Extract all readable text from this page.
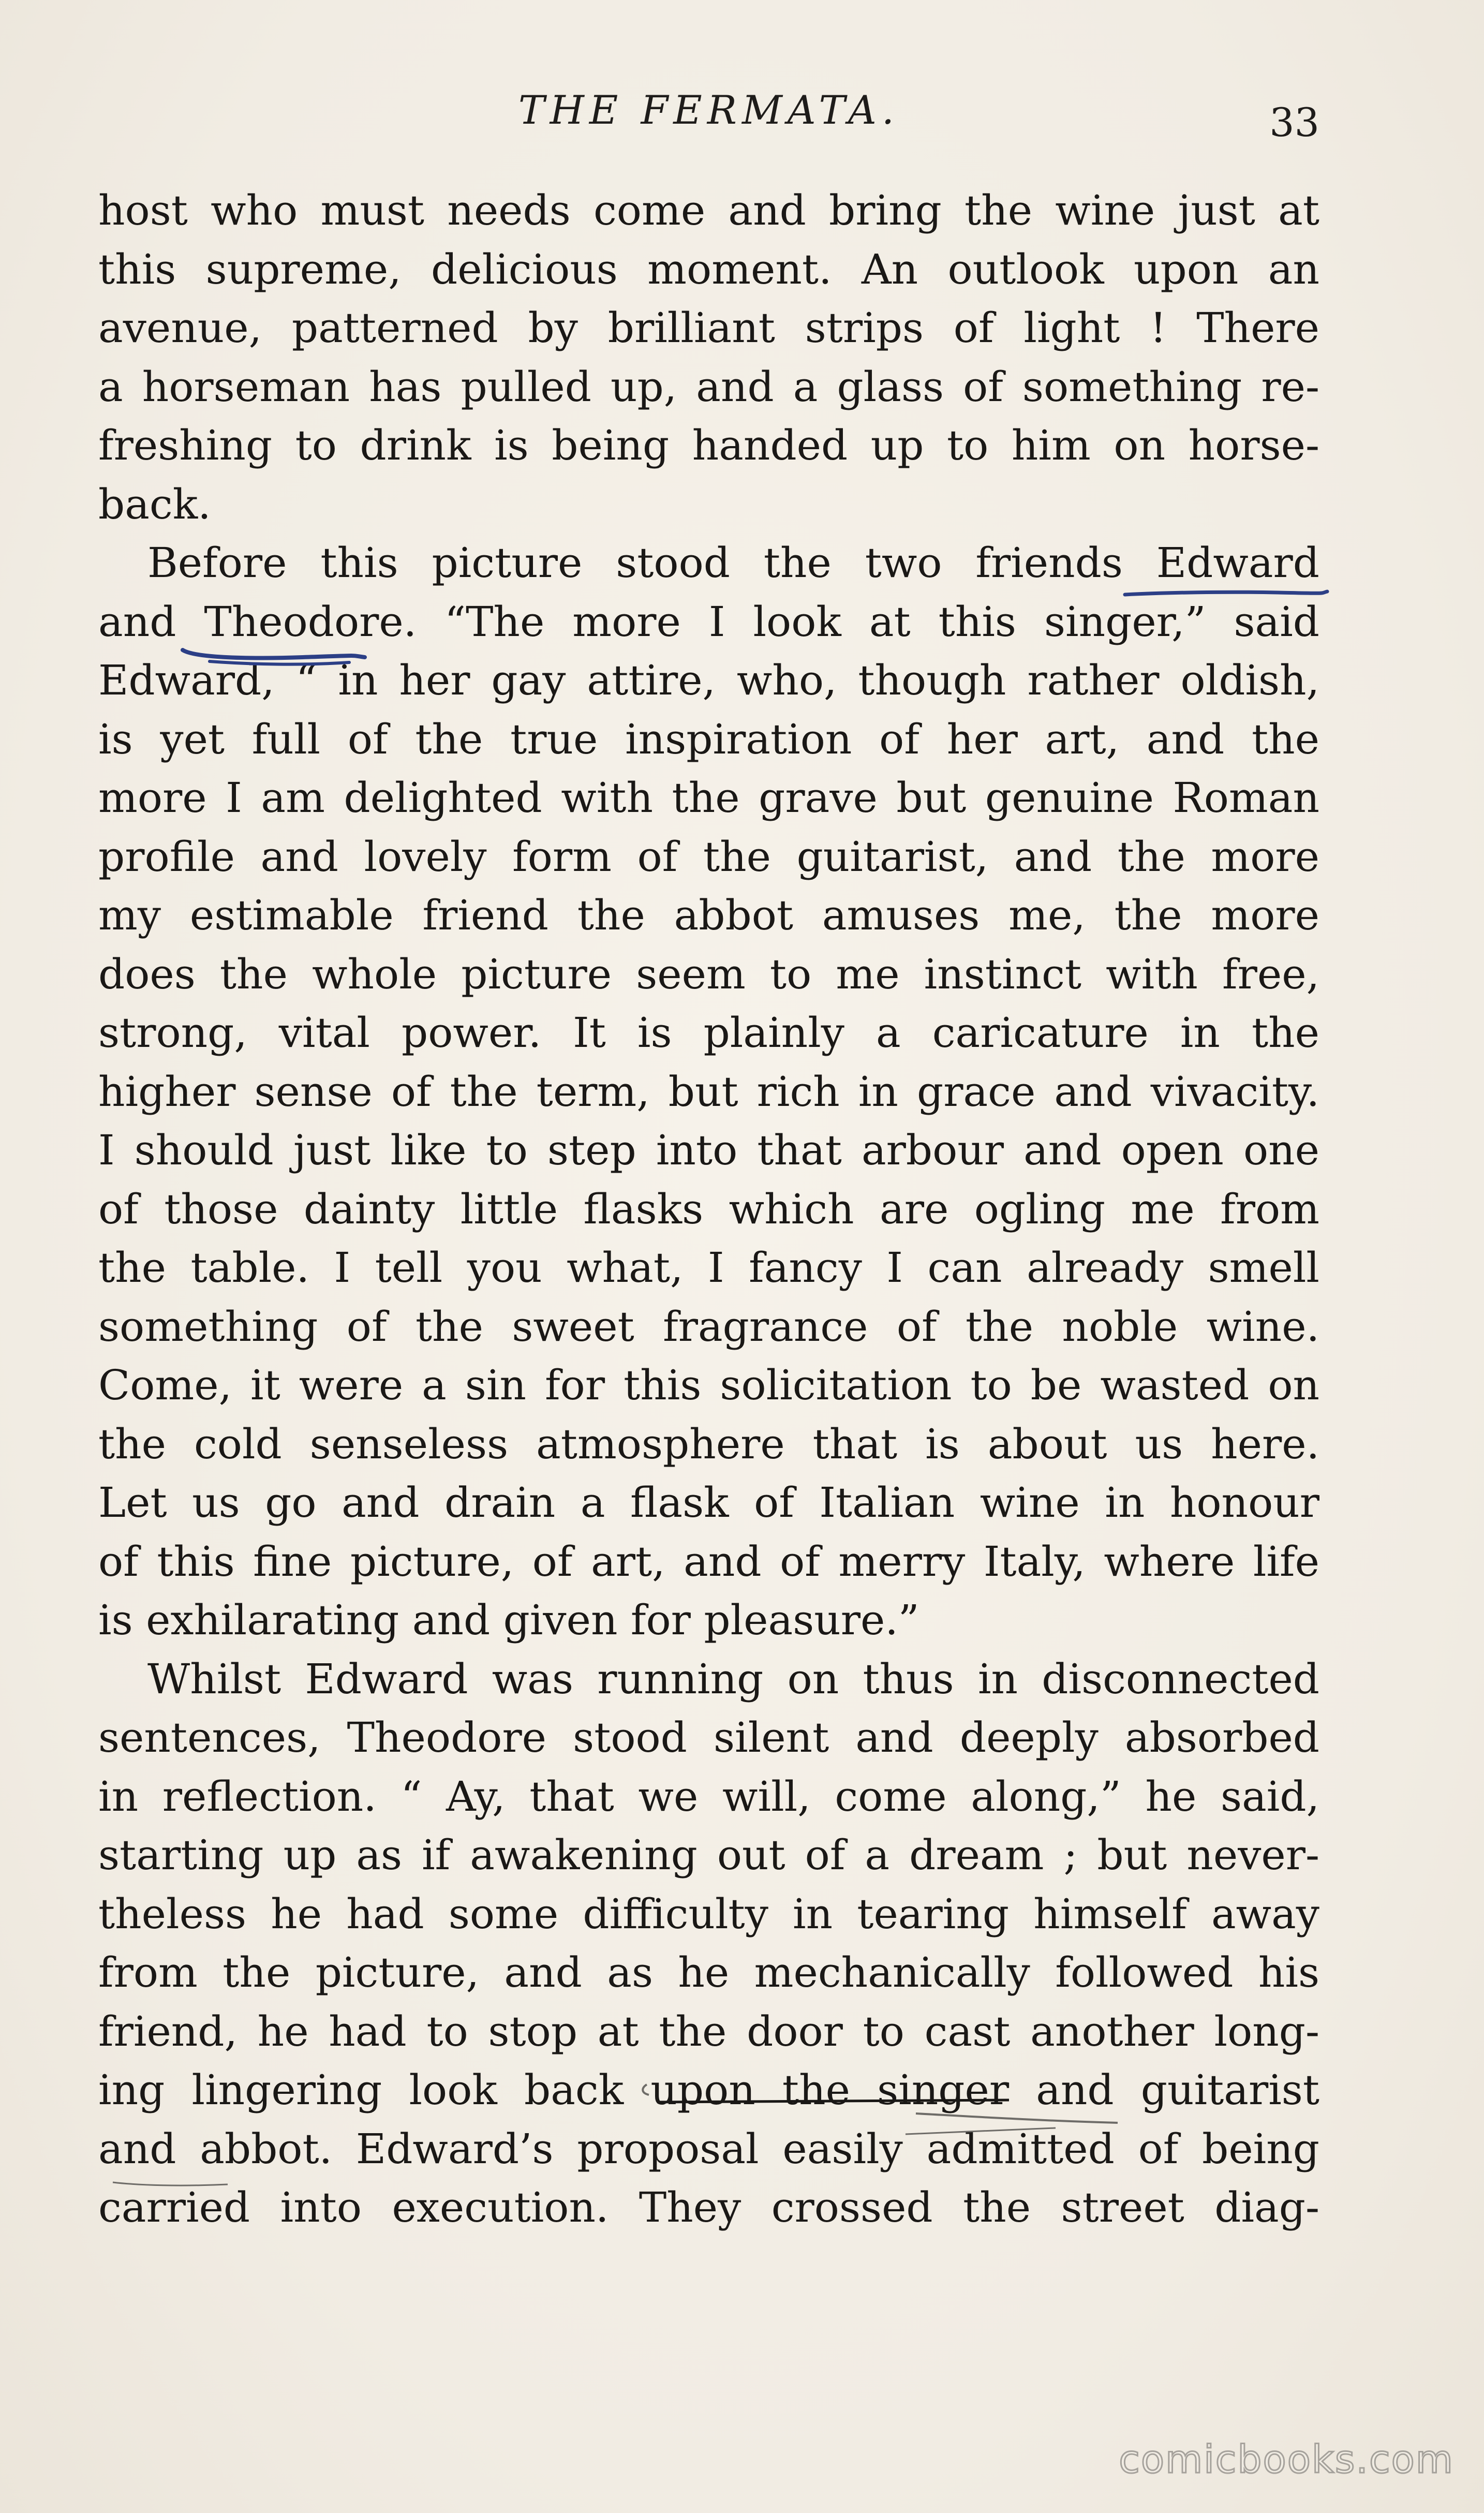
THE FERMATA.	33
host who must needs come and bring the wine just at
this supreme, delicious moment. An outlook upon an
avenue, patterned by brilliant strips of light ! There
a horseman has pulled up, and a glass of something re-
freshing to drink is being handed up to him on horse-
back.
Before this picture stood the two friends Edward
and Theodore. “The more I look at this singer,” said
Edward, “ in her gay attire, who, though rather oldish,
is yet full of the true inspiration of her art, and the
more I am delighted with the grave but genuine Roman
profile and lovely form of the guitarist, and the more
my estimable friend the abbot amuses me, the more
does the whole picture seem to me instinct with free,
strong, vital power. It is plainly a caricature in the
higher sense of the term, but rich in grace and vivacity.
I should just like to step into that arbour and open one
of those dainty little flasks which are ogling me from
the table. I tell you what, I fancy I can already smell
something of the sweet fragrance of the noble wine.
Come, it were a sin for this solicitation to be wasted on
the cold senseless atmosphere that is about us here.
Let us go and drain a flask of Italian wine in honour
of this fine picture, of art, and of merry Italy, where life
is exhilarating and given for pleasure.”
Whilst Edward was running on thus in disconnected
sentences, Theodore stood silent and deeply absorbed
in reflection. “ Ay, that we will, come along,” he said,
starting up as if awakening out of a dream ; but never-
theless he had some difficulty in tearing himself away
from the picture, and as he mechanically followed his
friend, he had to stop at the door to cast another long-
ing lingering look back upon the singer and guitarist
and abbot. Edward’s proposal easily admitted of being
carried into execution. They crossed the street diag-
comicbooks.com
